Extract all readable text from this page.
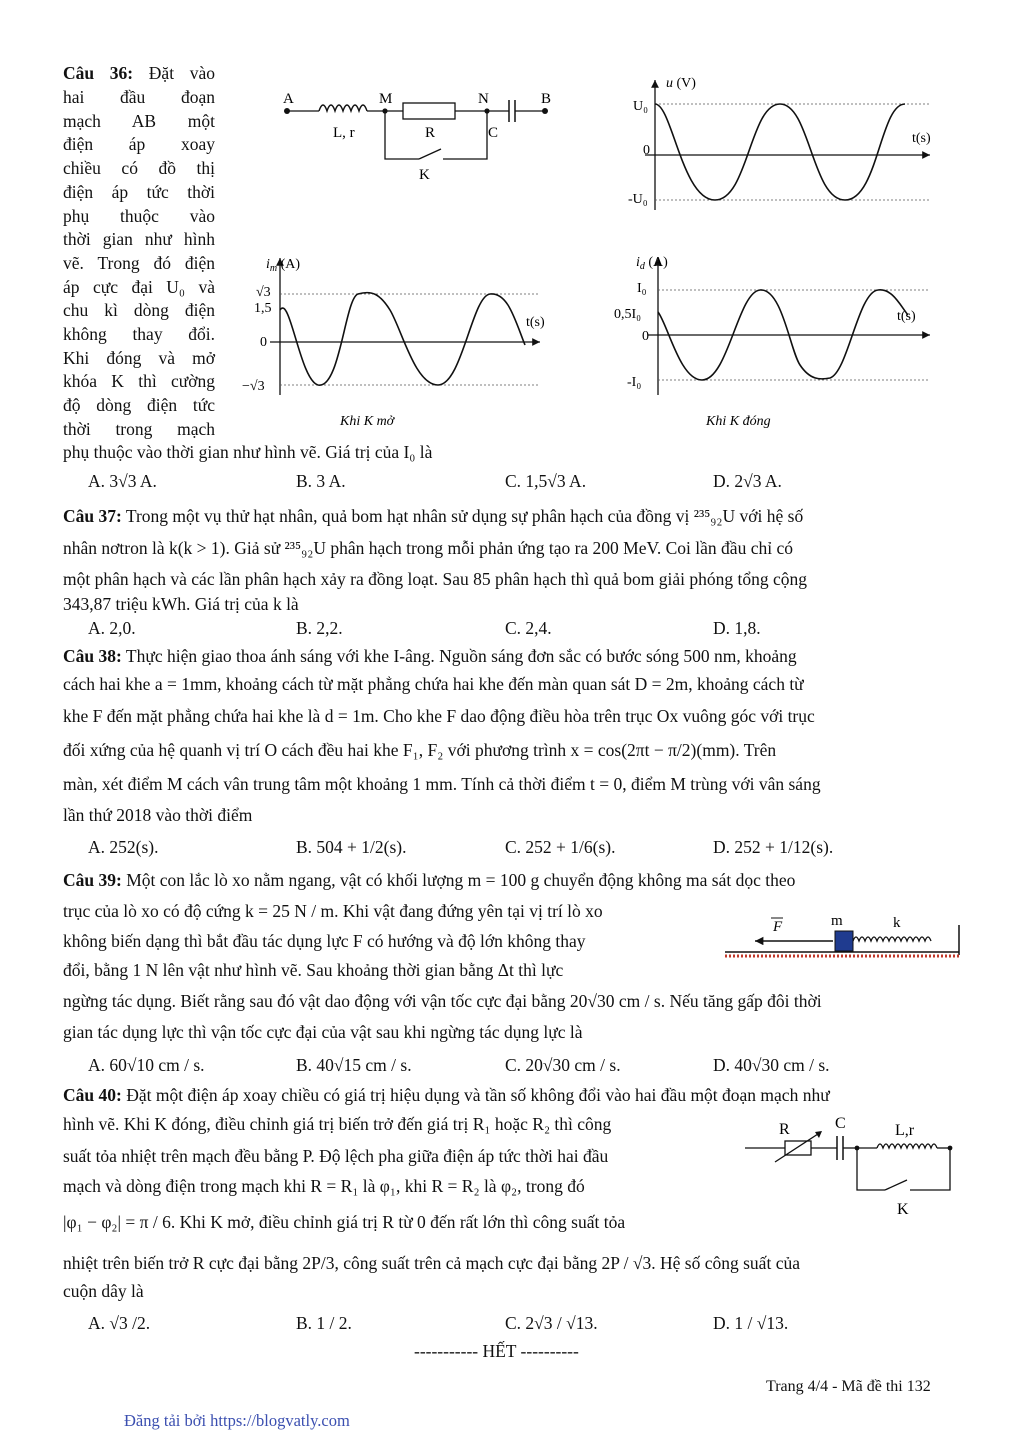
Câu 36: Đặt vào
hai đầu đoạn
mạch AB một
điện áp xoay
chiều có đồ thị
điện áp tức thời
phụ thuộc vào
thời gian như hình
vẽ. Trong đó điện
áp cực đại U₀ và
chu kì dòng điện
không thay đổi.
Khi đóng và mở
khóa K thì cường
độ dòng điện tức
thời trong mạch
phụ thuộc vào thời gian như hình vẽ. Giá trị của I₀ là
A	M	N	B
L, r	R	C
K
u (V)
t(s)
U₀
0
-U₀
$i_m$ (A)
t(s)
√3
1,5
0
−√3
Khi K mở
$i_d$ (A)
t(s)
I₀
0,5I₀
0
-I₀
Khi K đóng
A. 3√3 A.	B. 3 A.	C. 1,5√3 A.	D. 2√3 A.
Câu 37: Trong một vụ thử hạt nhân, quả bom hạt nhân sử dụng sự phân hạch của đồng vị ²³⁵₉₂U với hệ số
nhân nơtron là k(k > 1). Giả sử ²³⁵₉₂U phân hạch trong mỗi phản ứng tạo ra 200 MeV. Coi lần đầu chỉ có
một phân hạch và các lần phân hạch xảy ra đồng loạt. Sau 85 phân hạch thì quả bom giải phóng tổng cộng
343,87 triệu kWh. Giá trị của k là
A. 2,0.	B. 2,2.	C. 2,4.	D. 1,8.
Câu 38: Thực hiện giao thoa ánh sáng với khe I-âng. Nguồn sáng đơn sắc có bước sóng 500 nm, khoảng
cách hai khe a = 1mm, khoảng cách từ mặt phẳng chứa hai khe đến màn quan sát D = 2m, khoảng cách từ
khe F đến mặt phẳng chứa hai khe là d = 1m. Cho khe F dao động điều hòa trên trục Ox vuông góc với trục
đối xứng của hệ quanh vị trí O cách đều hai khe F₁, F₂ với phương trình x = cos(2πt − π/2)(mm). Trên
màn, xét điểm M cách vân trung tâm một khoảng 1 mm. Tính cả thời điểm t = 0, điểm M trùng với vân sáng
lần thứ 2018 vào thời điểm
A. 252(s).	B. 504 + 1/2(s).	C. 252 + 1/6(s).	D. 252 + 1/12(s).
Câu 39: Một con lắc lò xo nằm ngang, vật có khối lượng m = 100 g chuyển động không ma sát dọc theo
trục của lò xo có độ cứng k = 25 N / m. Khi vật đang đứng yên tại vị trí lò xo
không biến dạng thì bắt đầu tác dụng lực F có hướng và độ lớn không thay
đổi, bằng 1 N lên vật như hình vẽ. Sau khoảng thời gian bằng Δt thì lực
ngừng tác dụng. Biết rằng sau đó vật dao động với vận tốc cực đại bằng 20√30 cm / s. Nếu tăng gấp đôi thời
gian tác dụng lực thì vận tốc cực đại của vật sau khi ngừng tác dụng lực là
F	m	k
A. 60√10 cm / s.	B. 40√15 cm / s.	C. 20√30 cm / s.	D. 40√30 cm / s.
Câu 40: Đặt một điện áp xoay chiều có giá trị hiệu dụng và tần số không đổi vào hai đầu một đoạn mạch như
hình vẽ. Khi K đóng, điều chỉnh giá trị biến trở đến giá trị R₁ hoặc R₂ thì công
suất tỏa nhiệt trên mạch đều bằng P. Độ lệch pha giữa điện áp tức thời hai đầu
mạch và dòng điện trong mạch khi R = R₁ là φ₁, khi R = R₂ là φ₂, trong đó
|φ₁ − φ₂| = π / 6. Khi K mở, điều chỉnh giá trị R từ 0 đến rất lớn thì công suất tỏa
nhiệt trên biến trở R cực đại bằng 2P/3, công suất trên cả mạch cực đại bằng 2P / √3. Hệ số công suất của
cuộn dây là
R	C	L,r
K
A. √3 /2.	B. 1 / 2.	C. 2√3 / √13.	D. 1 / √13.
----------- HẾT ----------
Trang 4/4 - Mã đề thi 132
Đăng tải bởi https://blogvatly.com
